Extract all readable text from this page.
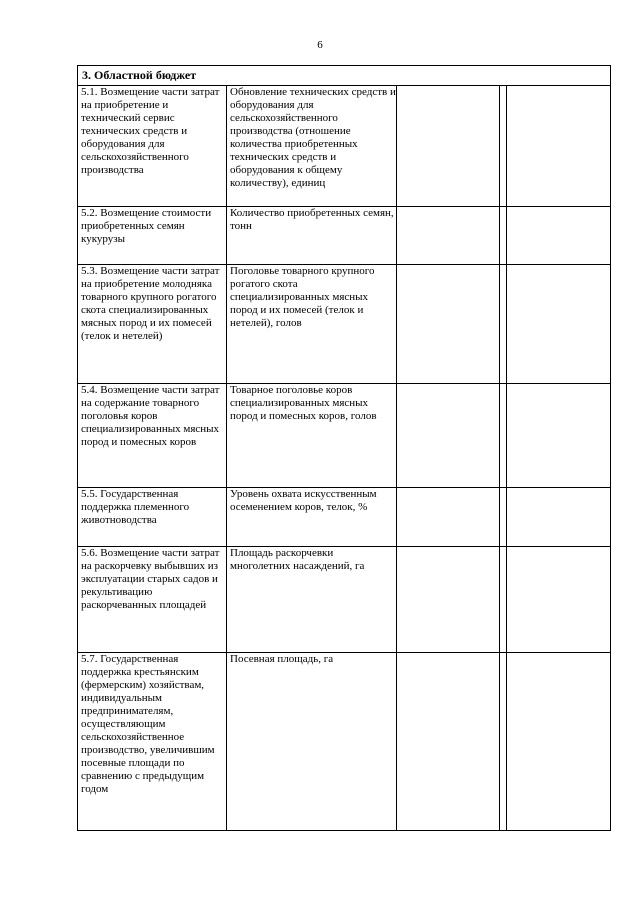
6
3. Областной бюджет				
5.1. Возмещение части затрат на приобретение и технический сервис технических средств и оборудования для сельскохозяйственного производства	Обновление технических средств и оборудования для сельскохозяйственного производства (отношение количества приобретенных технических средств и оборудования к общему количеству), единиц			
5.2. Возмещение стоимости приобретенных семян кукурузы	Количество приобретенных семян, тонн			
5.3. Возмещение части затрат на приобретение молодняка товарного крупного рогатого скота специализированных мясных пород и их помесей (телок и нетелей)	Поголовье товарного крупного рогатого скота специализированных мясных пород и их помесей (телок и нетелей), голов			
5.4. Возмещение части затрат на содержание товарного поголовья коров специализированных мясных пород и помесных коров	Товарное поголовье коров специализированных мясных пород и помесных коров, голов			
5.5. Государственная поддержка племенного животноводства	Уровень охвата искусственным осеменением коров, телок, %			
5.6. Возмещение части затрат на раскорчевку выбывших из эксплуатации старых садов и рекультивацию раскорчеванных площадей	Площадь раскорчевки многолетних насаждений, га			
5.7. Государственная поддержка крестьянским (фермерским) хозяйствам, индивидуальным предпринимателям, осуществляющим сельскохозяйственное производство, увеличившим посевные площади по сравнению с предыдущим годом	Посевная площадь, га			
